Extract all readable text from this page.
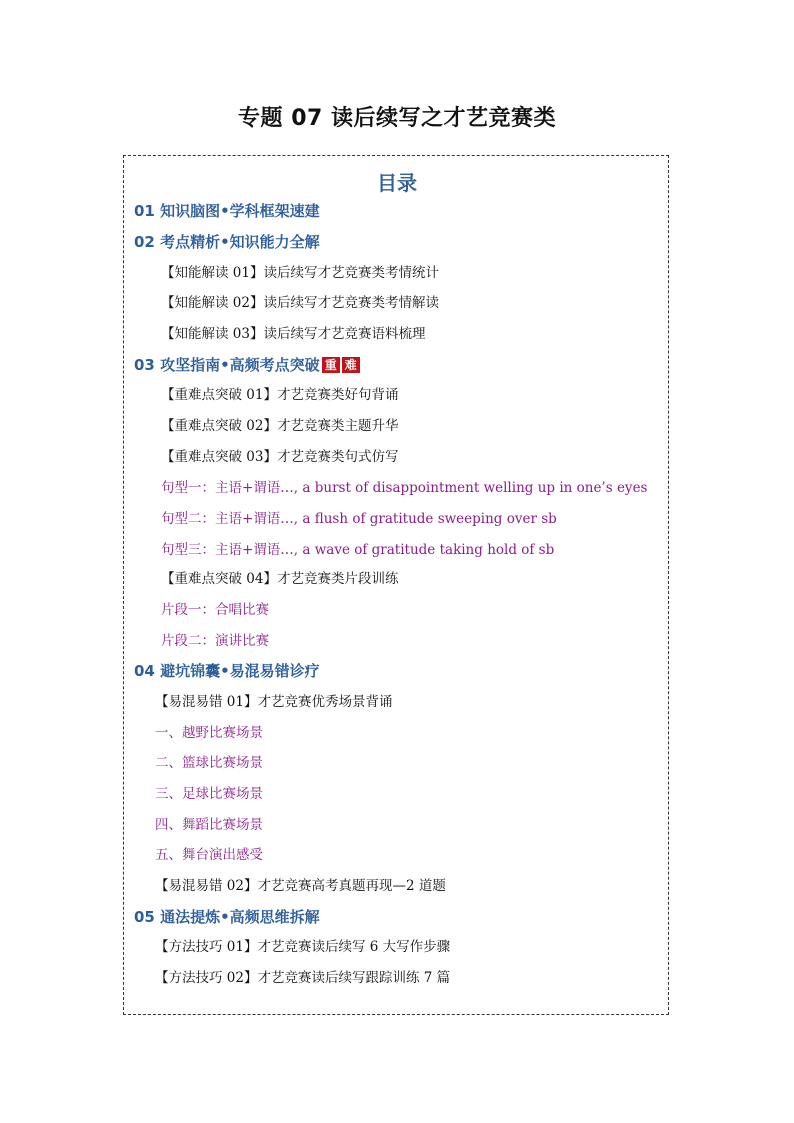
专题 07 读后续写之才艺竞赛类
目录
01 知识脑图•学科框架速建
02 考点精析•知识能力全解
【知能解读 01】读后续写才艺竞赛类考情统计
【知能解读 02】读后续写才艺竞赛类考情解读
【知能解读 03】读后续写才艺竞赛语料梳理
03 攻坚指南•高频考点突破 重 难
【重难点突破 01】才艺竞赛类好句背诵
【重难点突破 02】才艺竞赛类主题升华
【重难点突破 03】才艺竞赛类句式仿写
句型一：主语+谓语…, a burst of disappointment welling up in one’s eyes
句型二：主语+谓语…, a flush of gratitude sweeping over sb
句型三：主语+谓语…, a wave of gratitude taking hold of sb
【重难点突破 04】才艺竞赛类片段训练
片段一：合唱比赛
片段二：演讲比赛
04 避坑锦囊•易混易错诊疗
【易混易错 01】才艺竞赛优秀场景背诵
一、越野比赛场景
二、篮球比赛场景
三、足球比赛场景
四、舞蹈比赛场景
五、舞台演出感受
【易混易错 02】才艺竞赛高考真题再现—2 道题
05 通法提炼•高频思维拆解
【方法技巧 01】才艺竞赛读后续写 6 大写作步骤
【方法技巧 02】才艺竞赛读后续写跟踪训练 7 篇
